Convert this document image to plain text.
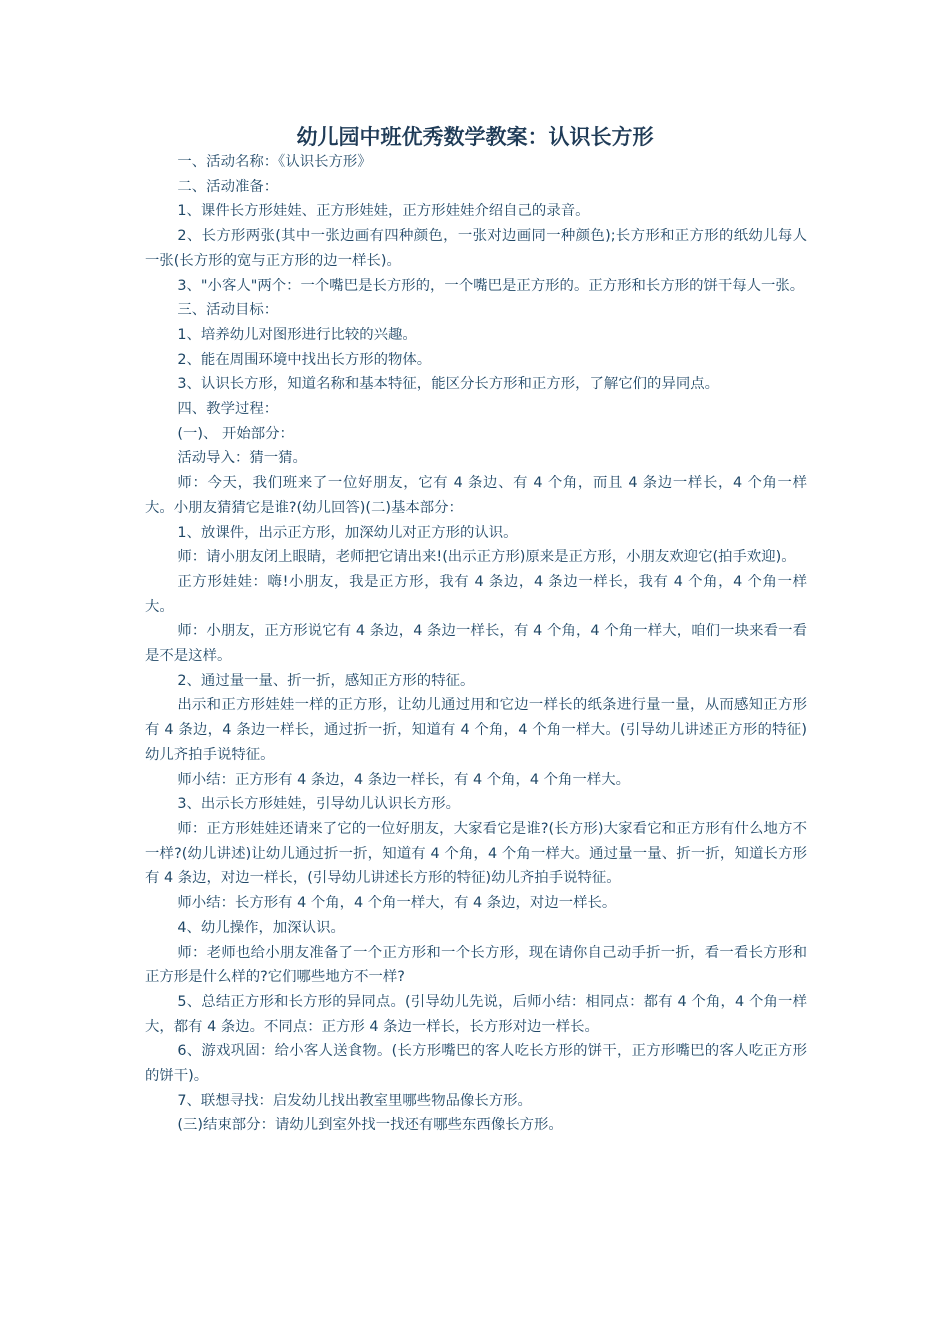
幼儿园中班优秀数学教案：认识长方形

一、活动名称：《认识长方形》

二、活动准备：

1、课件长方形娃娃、正方形娃娃，正方形娃娃介绍自己的录音。

2、长方形两张(其中一张边画有四种颜色，一张对边画同一种颜色);长方形和正方形的纸幼儿每人一张(长方形的宽与正方形的边一样长)。

3、"小客人"两个：一个嘴巴是长方形的，一个嘴巴是正方形的。正方形和长方形的饼干每人一张。

三、活动目标：

1、培养幼儿对图形进行比较的兴趣。

2、能在周围环境中找出长方形的物体。

3、认识长方形，知道名称和基本特征，能区分长方形和正方形，了解它们的异同点。

四、教学过程：

(一)、 开始部分：

活动导入：猜一猜。

师：今天，我们班来了一位好朋友，它有 4 条边、有 4 个角，而且 4 条边一样长，4 个角一样大。小朋友猜猜它是谁?(幼儿回答)(二)基本部分：

1、放课件，出示正方形，加深幼儿对正方形的认识。

师：请小朋友闭上眼睛，老师把它请出来!(出示正方形)原来是正方形，小朋友欢迎它(拍手欢迎)。

正方形娃娃：嗨!小朋友，我是正方形，我有 4 条边，4 条边一样长，我有 4 个角，4 个角一样大。

师：小朋友，正方形说它有 4 条边，4 条边一样长，有 4 个角，4 个角一样大，咱们一块来看一看是不是这样。

2、通过量一量、折一折，感知正方形的特征。

出示和正方形娃娃一样的正方形，让幼儿通过用和它边一样长的纸条进行量一量，从而感知正方形有 4 条边，4 条边一样长，通过折一折，知道有 4 个角，4 个角一样大。(引导幼儿讲述正方形的特征)幼儿齐拍手说特征。

师小结：正方形有 4 条边，4 条边一样长，有 4 个角，4 个角一样大。

3、出示长方形娃娃，引导幼儿认识长方形。

师：正方形娃娃还请来了它的一位好朋友，大家看它是谁?(长方形)大家看它和正方形有什么地方不一样?(幼儿讲述)让幼儿通过折一折，知道有 4 个角，4 个角一样大。通过量一量、折一折，知道长方形有 4 条边，对边一样长，(引导幼儿讲述长方形的特征)幼儿齐拍手说特征。

师小结：长方形有 4 个角，4 个角一样大，有 4 条边，对边一样长。

4、幼儿操作，加深认识。

师：老师也给小朋友准备了一个正方形和一个长方形，现在请你自己动手折一折，看一看长方形和正方形是什么样的?它们哪些地方不一样?

5、总结正方形和长方形的异同点。(引导幼儿先说，后师小结：相同点：都有 4 个角，4 个角一样大，都有 4 条边。不同点：正方形 4 条边一样长，长方形对边一样长。

6、游戏巩固：给小客人送食物。(长方形嘴巴的客人吃长方形的饼干，正方形嘴巴的客人吃正方形的饼干)。

7、联想寻找：启发幼儿找出教室里哪些物品像长方形。

(三)结束部分：请幼儿到室外找一找还有哪些东西像长方形。
